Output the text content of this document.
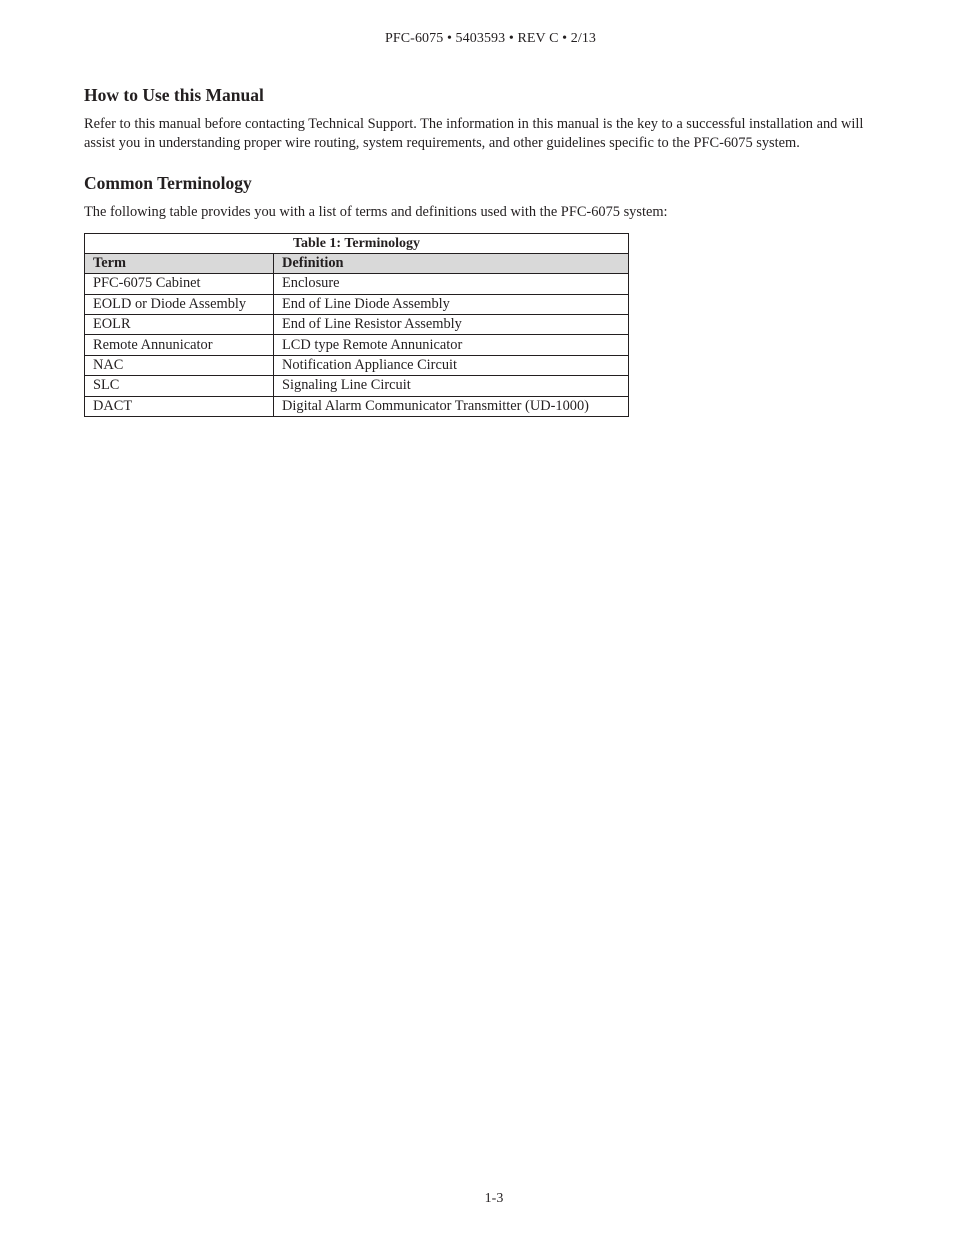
PFC-6075 • 5403593 • REV C • 2/13
How to Use this Manual

Refer to this manual before contacting Technical Support. The information in this manual is the key to a successful installation and will assist you in understanding proper wire routing, system requirements, and other guidelines specific to the PFC-6075 system.

Common Terminology

The following table provides you with a list of terms and definitions used with the PFC-6075 system:

Table 1: Terminology	
Term	Definition
PFC-6075 Cabinet	Enclosure
EOLD or Diode Assembly	End of Line Diode Assembly
EOLR	End of Line Resistor Assembly
Remote Annunicator	LCD type Remote Annunicator
NAC	Notification Appliance Circuit
SLC	Signaling Line Circuit
DACT	Digital Alarm Communicator Transmitter (UD-1000)
1-3
